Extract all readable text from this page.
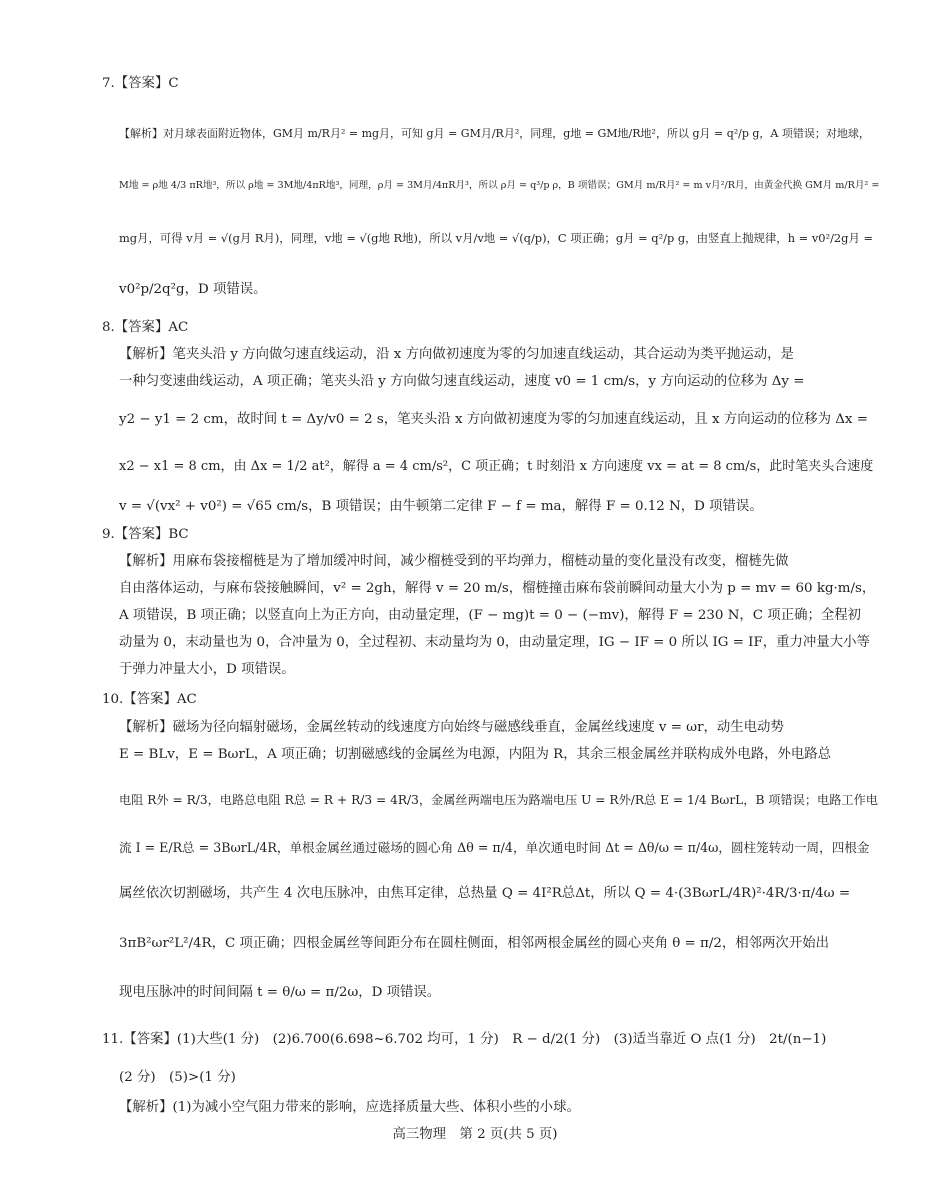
7.【答案】C
【解析】对月球表面附近物体，GM月 m/R月² = mg月，可知 g月 = GM月/R月²，同理，g地 = GM地/R地²，所以 g月 = q²/p g，A 项错误；对地球，
M地 = ρ地 4/3 πR地³，所以 ρ地 = 3M地/4πR地³，同理，ρ月 = 3M月/4πR月³，所以 ρ月 = q³/p ρ，B 项错误；GM月 m/R月² = m v月²/R月，由黄金代换 GM月 m/R月² =
mg月，可得 v月 = √(g月 R月)，同理，v地 = √(g地 R地)，所以 v月/v地 = √(q/p)，C 项正确；g月 = q²/p g，由竖直上抛规律，h = v0²/2g月 =
v0²p/2q²g，D 项错误。
8.【答案】AC
【解析】笔夹头沿 y 方向做匀速直线运动，沿 x 方向做初速度为零的匀加速直线运动，其合运动为类平抛运动，是
一种匀变速曲线运动，A 项正确；笔夹头沿 y 方向做匀速直线运动，速度 v0 = 1 cm/s，y 方向运动的位移为 Δy =
y2 − y1 = 2 cm，故时间 t = Δy/v0 = 2 s，笔夹头沿 x 方向做初速度为零的匀加速直线运动，且 x 方向运动的位移为 Δx =
x2 − x1 = 8 cm，由 Δx = 1/2 at²，解得 a = 4 cm/s²，C 项正确；t 时刻沿 x 方向速度 vx = at = 8 cm/s，此时笔夹头合速度
v = √(vx² + v0²) = √65 cm/s，B 项错误；由牛顿第二定律 F − f = ma，解得 F = 0.12 N，D 项错误。
9.【答案】BC
【解析】用麻布袋接榴梿是为了增加缓冲时间，减少榴梿受到的平均弹力，榴梿动量的变化量没有改变，榴梿先做
自由落体运动，与麻布袋接触瞬间，v² = 2gh，解得 v = 20 m/s，榴梿撞击麻布袋前瞬间动量大小为 p = mv = 60 kg·m/s，
A 项错误，B 项正确；以竖直向上为正方向，由动量定理，(F − mg)t = 0 − (−mv)，解得 F = 230 N，C 项正确；全程初
动量为 0，末动量也为 0，合冲量为 0，全过程初、末动量均为 0，由动量定理，IG − IF = 0 所以 IG = IF，重力冲量大小等
于弹力冲量大小，D 项错误。
10.【答案】AC
【解析】磁场为径向辐射磁场，金属丝转动的线速度方向始终与磁感线垂直，金属丝线速度 v = ωr，动生电动势
E = BLv，E = BωrL，A 项正确；切割磁感线的金属丝为电源，内阻为 R，其余三根金属丝并联构成外电路，外电路总
电阻 R外 = R/3，电路总电阻 R总 = R + R/3 = 4R/3，金属丝两端电压为路端电压 U = R外/R总 E = 1/4 BωrL，B 项错误；电路工作电
流 I = E/R总 = 3BωrL/4R，单根金属丝通过磁场的圆心角 Δθ = π/4，单次通电时间 Δt = Δθ/ω = π/4ω，圆柱笼转动一周，四根金
属丝依次切割磁场，共产生 4 次电压脉冲，由焦耳定律，总热量 Q = 4I²R总Δt，所以 Q = 4·(3BωrL/4R)²·4R/3·π/4ω =
3πB²ωr²L²/4R，C 项正确；四根金属丝等间距分布在圆柱侧面，相邻两根金属丝的圆心夹角 θ = π/2，相邻两次开始出
现电压脉冲的时间间隔 t = θ/ω = π/2ω，D 项错误。
11.【答案】(1)大些(1 分)　(2)6.700(6.698~6.702 均可，1 分)　R − d/2(1 分)　(3)适当靠近 O 点(1 分)　2t/(n−1)
(2 分)　(5)>(1 分)
【解析】(1)为减小空气阻力带来的影响，应选择质量大些、体积小些的小球。
高三物理　第 2 页(共 5 页)
